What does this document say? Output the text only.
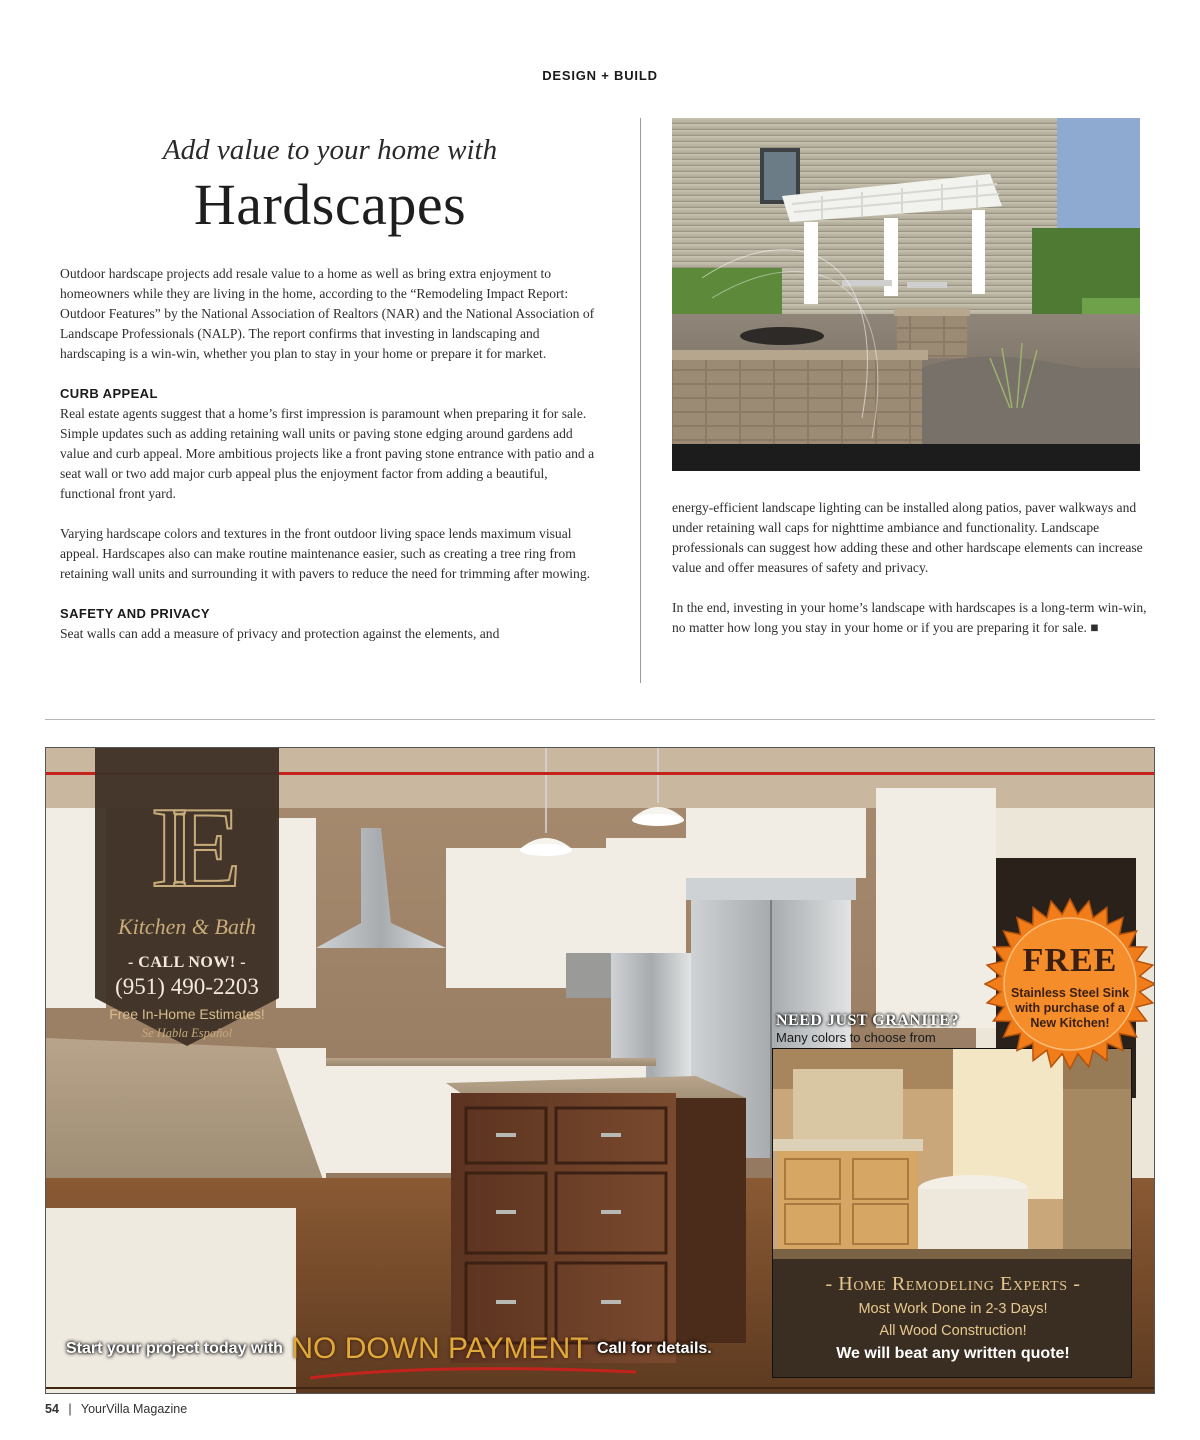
DESIGN + BUILD
Add value to your home with
Hardscapes

Outdoor hardscape projects add resale value to a home as well as bring extra enjoyment to homeowners while they are living in the home, according to the “Remodeling Impact Report: Outdoor Features” by the National Association of Realtors (NAR) and the National Association of Landscape Professionals (NALP). The report confirms that investing in landscaping and hardscaping is a win-win, whether you plan to stay in your home or prepare it for market.

CURB APPEAL

Real estate agents suggest that a home’s first impression is paramount when preparing it for sale. Simple updates such as adding retaining wall units or paving stone edging around gardens add value and curb appeal. More ambitious projects like a front paving stone entrance with patio and a seat wall or two add major curb appeal plus the enjoyment factor from adding a beautiful, functional front yard.

Varying hardscape colors and textures in the front outdoor living space lends maximum visual appeal. Hardscapes also can make routine maintenance easier, such as creating a tree ring from retaining wall units and surrounding it with pavers to reduce the need for trimming after mowing.

SAFETY AND PRIVACY

Seat walls can add a measure of privacy and protection against the elements, and

energy-efficient landscape lighting can be installed along patios, paver walkways and under retaining wall caps for nighttime ambiance and functionality. Landscape professionals can suggest how adding these and other hardscape elements can increase value and offer measures of safety and privacy.

In the end, investing in your home’s landscape with hardscapes is a long-term win-win, no matter how long you stay in your home or if you are preparing it for sale. ■

IE
Kitchen & Bath
- CALL NOW! -
(951) 490-2203
Free In-Home Estimates!
Se Habla Español
NEED JUST GRANITE?
Many colors to choose from
- Home Remodeling Experts -
Most Work Done in 2-3 Days!
All Wood Construction!
We will beat any written quote!
FREE
Stainless Steel Sink with purchase of a New Kitchen!
Start your project today with NO DOWN PAYMENT Call for details.
54 | YourVilla Magazine
